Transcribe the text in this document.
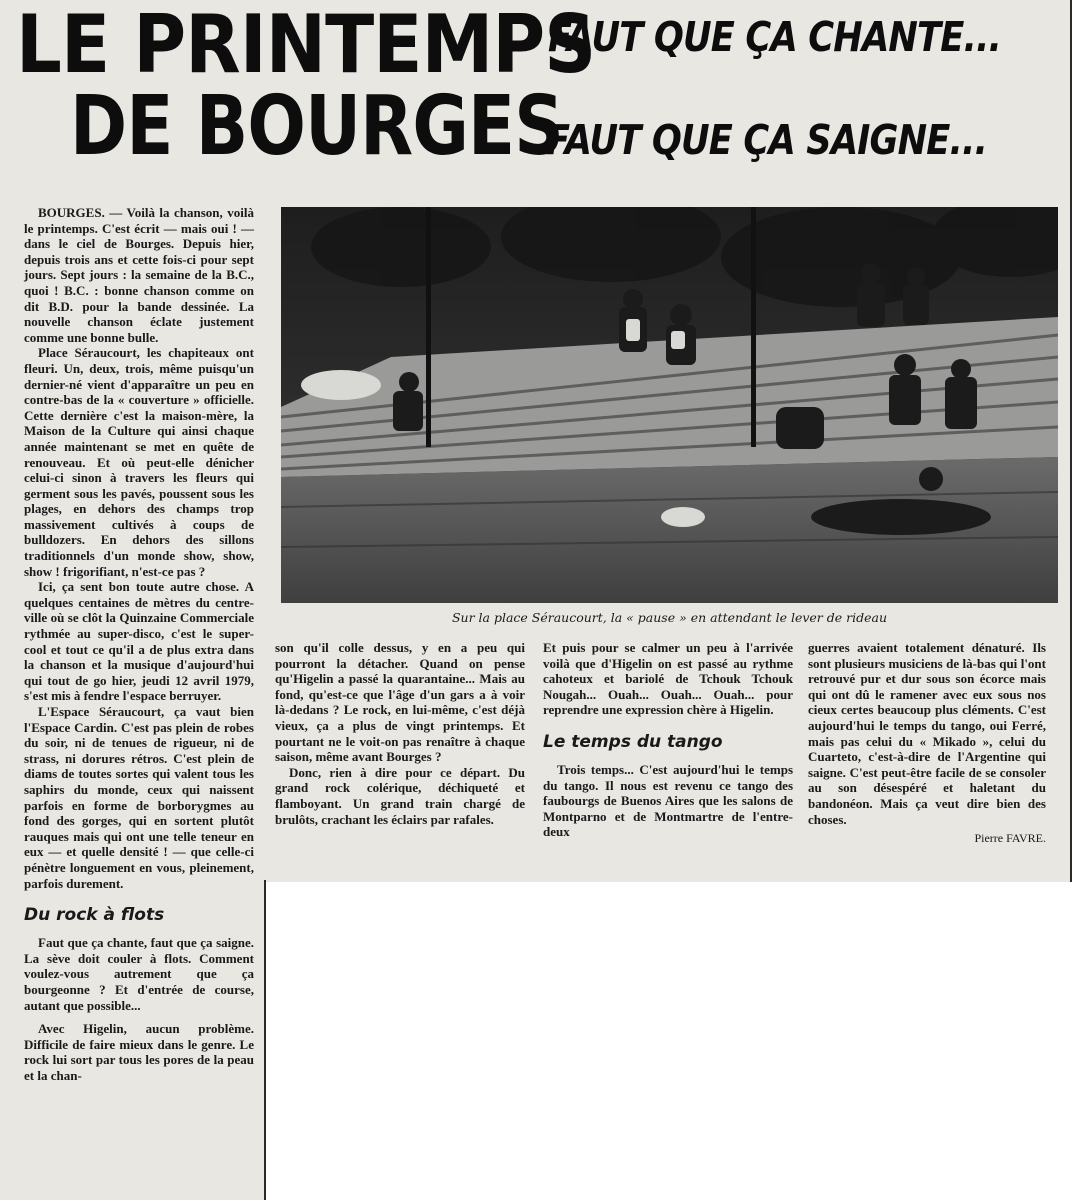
LE PRINTEMPS
DE BOURGES
FAUT QUE ÇA CHANTE...
FAUT QUE ÇA SAIGNE...

BOURGES. — Voilà la chanson, voilà le printemps. C'est écrit — mais oui ! — dans le ciel de Bourges. Depuis hier, depuis trois ans et cette fois-ci pour sept jours. Sept jours : la semaine de la B.C., quoi ! B.C. : bonne chanson comme on dit B.D. pour la bande dessinée. La nouvelle chanson éclate justement comme une bonne bulle.

Place Séraucourt, les chapiteaux ont fleuri. Un, deux, trois, même puisqu'un dernier-né vient d'apparaître un peu en contre-bas de la « couverture » officielle. Cette dernière c'est la maison-mère, la Maison de la Culture qui ainsi chaque année maintenant se met en quête de renouveau. Et où peut-elle dénicher celui-ci sinon à travers les fleurs qui germent sous les pavés, poussent sous les plages, en dehors des champs trop massivement cultivés à coups de bulldozers. En dehors des sillons traditionnels d'un monde show, show, show ! frigorifiant, n'est-ce pas ?

Ici, ça sent bon toute autre chose. A quelques centaines de mètres du centre-ville où se clôt la Quinzaine Commerciale rythmée au super-disco, c'est le super-cool et tout ce qu'il a de plus extra dans la chanson et la musique d'aujourd'hui qui tout de go hier, jeudi 12 avril 1979, s'est mis à fendre l'espace berruyer.

L'Espace Séraucourt, ça vaut bien l'Espace Cardin. C'est pas plein de robes du soir, ni de tenues de rigueur, ni de strass, ni dorures rétros. C'est plein de diams de toutes sortes qui valent tous les saphirs du monde, ceux qui naissent parfois en forme de borborygmes au fond des gorges, qui en sortent plutôt rauques mais qui ont une telle teneur en eux — et quelle densité ! — que celle-ci pénètre longuement en vous, pleinement, parfois durement.

Du rock à flots

Faut que ça chante, faut que ça saigne. La sève doit couler à flots. Comment voulez-vous autrement que ça bourgeonne ? Et d'entrée de course, autant que possible...

Avec Higelin, aucun problème. Difficile de faire mieux dans le genre. Le rock lui sort par tous les pores de la peau et la chan-

Sur la place Séraucourt, la « pause » en attendant le lever de rideau

son qu'il colle dessus, y en a peu qui pourront la détacher. Quand on pense qu'Higelin a passé la quarantaine... Mais au fond, qu'est-ce que l'âge d'un gars a à voir là-dedans ? Le rock, en lui-même, c'est déjà vieux, ça a plus de vingt printemps. Et pourtant ne le voit-on pas renaître à chaque saison, même avant Bourges ?

Donc, rien à dire pour ce départ. Du grand rock colérique, déchiqueté et flamboyant. Un grand train chargé de brulôts, crachant les éclairs par rafales.

Et puis pour se calmer un peu à l'arrivée voilà que d'Higelin on est passé au rythme cahoteux et bariolé de Tchouk Tchouk Nougah... Ouah... Ouah... Ouah... pour reprendre une expression chère à Higelin.

Le temps du tango

Trois temps... C'est aujourd'hui le temps du tango. Il nous est revenu ce tango des faubourgs de Buenos Aires que les salons de Montparno et de Montmartre de l'entre-deux

guerres avaient totalement dénaturé. Ils sont plusieurs musiciens de là-bas qui l'ont retrouvé pur et dur sous son écorce mais qui ont dû le ramener avec eux sous nos cieux certes beaucoup plus cléments. C'est aujourd'hui le temps du tango, oui Ferré, mais pas celui du « Mikado », celui du Cuarteto, c'est-à-dire de l'Argentine qui saigne. C'est peut-être facile de se consoler au son désespéré et haletant du bandonéon. Mais ça veut dire bien des choses.

Pierre FAVRE.
